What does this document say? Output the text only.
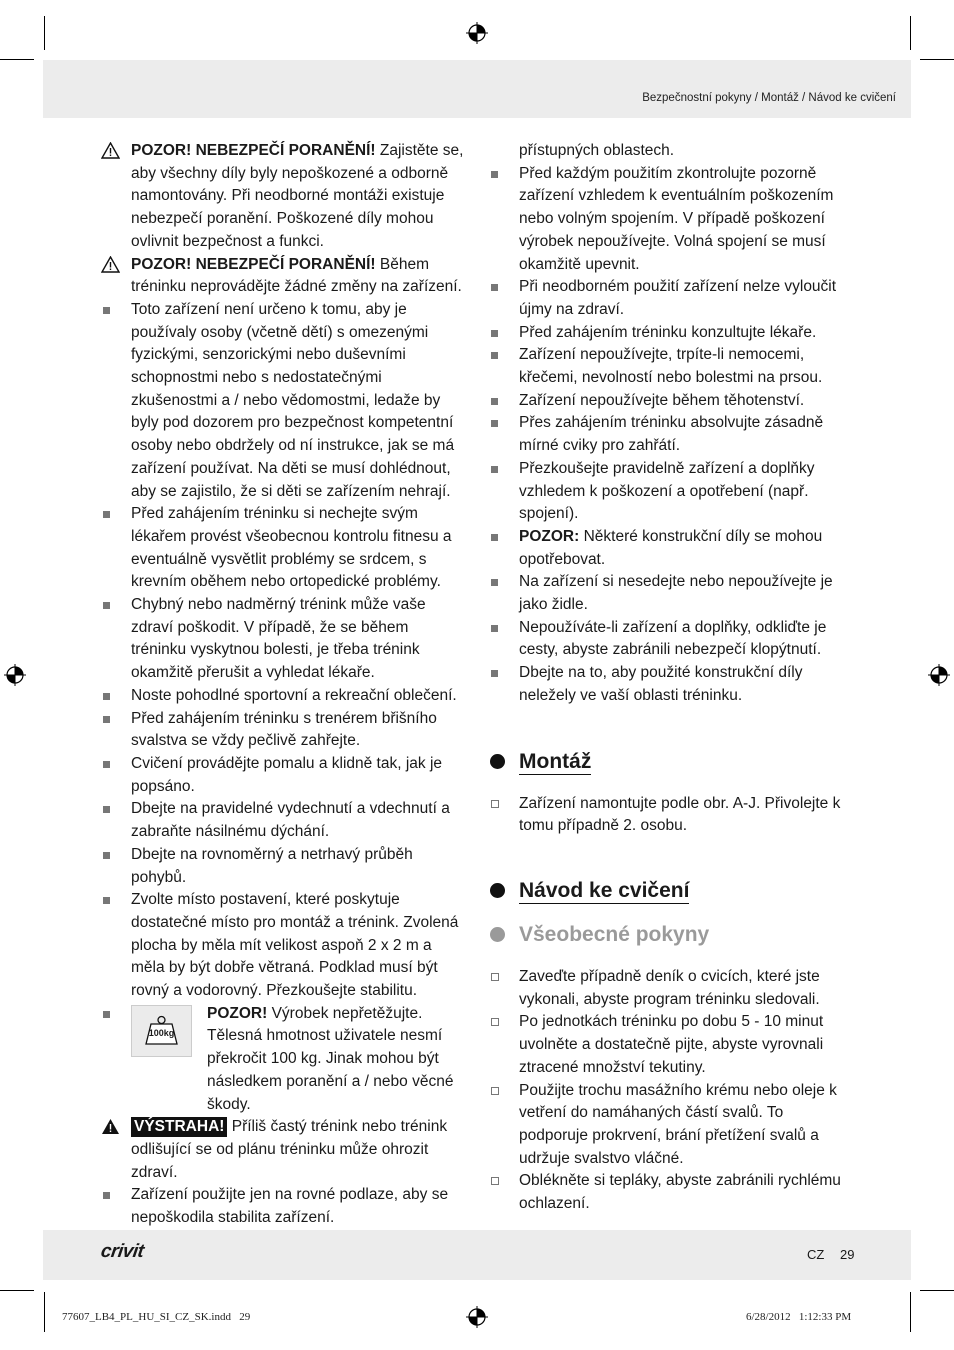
Bezpečnostní pokyny / Montáž / Návod ke cvičení
POZOR! NEBEZPEČÍ PORANĚNÍ! Zajistěte se, aby všechny díly byly nepoškozené a odborně namontovány. Při neodborné montáži existuje nebezpečí poranění. Poškozené díly mohou ovlivnit bezpečnost a funkci.
POZOR! NEBEZPEČÍ PORANĚNÍ! Během tréninku neprovádějte žádné změny na zařízení.
Toto zařízení není určeno k tomu, aby je používaly osoby (včetně dětí) s omezenými fyzickými, senzorickými nebo duševními schopnostmi nebo s nedostatečnými zkušenostmi a / nebo vědomostmi, ledaže by byly pod dozorem pro bezpečnost kompetentní osoby nebo obdržely od ní instrukce, jak se má zařízení používat. Na děti se musí dohlédnout, aby se zajistilo, že si děti se zařízením nehrají.
Před zahájením tréninku si nechejte svým lékařem provést všeobecnou kontrolu fitnesu a eventuálně vysvětlit problémy se srdcem, s krevním oběhem nebo ortopedické problémy.
Chybný nebo nadměrný trénink může vaše zdraví poškodit. V případě, že se během tréninku vyskytnou bolesti, je třeba trénink okamžitě přerušit a vyhledat lékaře.
Noste pohodlné sportovní a rekreační oblečení.
Před zahájením tréninku s trenérem břišního svalstva se vždy pečlivě zahřejte.
Cvičení provádějte pomalu a klidně tak, jak je popsáno.
Dbejte na pravidelné vydechnutí a vdechnutí a zabraňte násilnému dýchání.
Dbejte na rovnoměrný a netrhavý průběh pohybů.
Zvolte místo postavení, které poskytuje dostatečné místo pro montáž a trénink. Zvolená plocha by měla mít velikost aspoň 2 x 2 m a měla by být dobře větraná. Podklad musí být rovný a vodorovný. Přezkoušejte stabilitu.
100kg
POZOR! Výrobek nepřetěžujte. Tělesná hmotnost uživatele nesmí překročit 100 kg. Jinak mohou být následkem poranění a / nebo věcné škody.
VÝSTRAHA! Příliš častý trénink nebo trénink odlišující se od plánu tréninku může ohrozit zdraví.
Zařízení použijte jen na rovné podlaze, aby se nepoškodila stabilita zařízení.
přístupných oblastech.
Před každým použitím zkontrolujte pozorně zařízení vzhledem k eventuálním poškozením nebo volným spojením. V případě poškození výrobek nepoužívejte. Volná spojení se musí okamžitě upevnit.
Při neodborném použití zařízení nelze vyloučit újmy na zdraví.
Před zahájením tréninku konzultujte lékaře.
Zařízení nepoužívejte, trpíte-li nemocemi, křečemi, nevolností nebo bolestmi na prsou.
Zařízení nepoužívejte během těhotenství.
Přes zahájením tréninku absolvujte zásadně mírné cviky pro zahřátí.
Přezkoušejte pravidelně zařízení a doplňky vzhledem k poškození a opotřebení (např. spojení).
POZOR: Některé konstrukční díly se mohou opotřebovat.
Na zařízení si nesedejte nebo nepoužívejte je jako židle.
Nepoužíváte-li zařízení a doplňky, odkliďte je cesty, abyste zabránili nebezpečí klopýtnutí.
Dbejte na to, aby použité konstrukční díly neležely ve vaší oblasti tréninku.
Montáž
Zařízení namontujte podle obr. A-J. Přivolejte k tomu případně 2. osobu.
Návod ke cvičení
Všeobecné pokyny
Zaveďte případně deník o cvicích, které jste vykonali, abyste program tréninku sledovali.
Po jednotkách tréninku po dobu 5 - 10 minut uvolněte a dostatečně pijte, abyste vyrovnali ztracené množství tekutiny.
Použijte trochu masážního krému nebo oleje k vetření do namáhaných částí svalů. To podporuje prokrvení, brání přetížení svalů a udržuje svalstvo vláčné.
Oblékněte si tepláky, abyste zabránili rychlému ochlazení.
crivit	CZ 29
77607_LB4_PL_HU_SI_CZ_SK.indd   29	6/28/2012   1:12:33 PM
